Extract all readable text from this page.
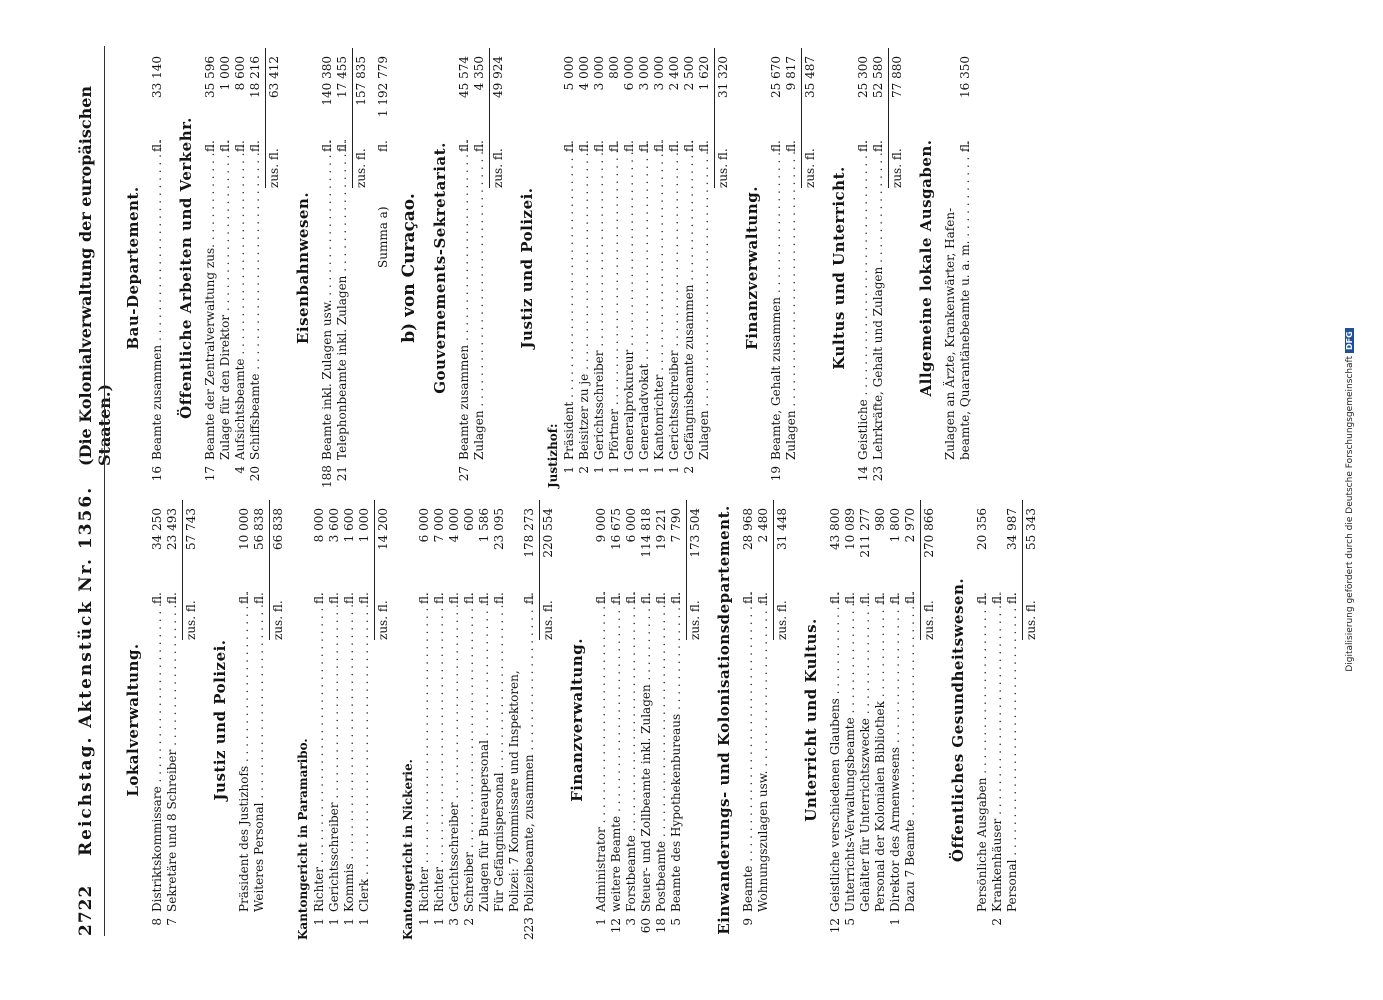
2722
Reichstag. Aktenstück Nr. 1356.
(Die Kolonialverwaltung der europäischen Staaten.)
Lokalverwaltung.
8
Distriktskommissare . . .
fl.
34 250
7
Sekretäre und 8 Schreiber . . .
fl.
23 493
zus. fl.
57 743
Justiz und Polizei.
Präsident des Justizhofs . . .
fl.
10 000
Weiteres Personal . . .
fl.
56 838
zus. fl.
66 838
Kantongericht in Paramaribo. 1
Richter . . .
fl.
8 000
1
Gerichtsschreiber . . .
fl.
3 600
1
Kommis . . .
fl.
1 600
1
Clerk . . .
fl.
1 000
zus. fl.
14 200
Kantongericht in Nickerie. 1
Richter . . .
fl.
6 000
1
Richter . . .
fl.
7 000
3
Gerichtsschreiber . . .
fl.
4 000
2
Schreiber . . .
fl.
600
Zulagen für Bureaupersonal . . .
fl.
1 586
Für Gefängnispersonal . . .
fl.
23 095
Polizei: 7 Kommissare und Inspektoren,
223
Polizeibeamte, zusammen . . .
fl.
178 273
zus. fl.
220 554
Finanzverwaltung.
1
Administrator . . .
fl.
9 000
12
weitere Beamte . . .
fl.
16 675
3
Forstbeamte . . .
fl.
6 000
60
Steuer- und Zollbeamte inkl. Zulagen . . .
fl.
114 818
18
Postbeamte . . .
fl.
19 221
5
Beamte des Hypothekenbureaus . . .
fl.
7 790
zus. fl.
173 504 Einwanderungs- und Kolonisationsdepartement. 9
Beamte . . .
fl.
28 968
Wohnungszulagen usw. . . .
fl.
2 480
zus. fl.
31 448
Unterricht und Kultus.
12
Geistliche verschiedenen Glaubens . . .
fl.
43 800
5
Unterrichts-Verwaltungsbeamte . . .
fl.
10 089
Gehälter für Unterrichtszwecke . . .
fl.
211 277
Personal der Kolonialen Bibliothek . . .
fl.
980
1
Direktor des Armenwesens . . .
fl.
1 800
Dazu 7 Beamte . . .
fl.
2 970
zus. fl.
270 866
Öffentliches Gesundheitswesen. Persönliche Ausgaben . . .
fl.
20 356
2
Krankenhäuser . . .
fl.
Personal . . .
fl.
34 987
zus. fl.
55 343
Bau-Departement.
16
Beamte zusammen . . .
fl.
33 140
Öffentliche Arbeiten und Verkehr.
17
Beamte der Zentralverwaltung zus. . . .
fl.
35 596
Zulage für den Direktor . . .
fl.
1 000
4
Aufsichtsbeamte . . .
fl.
8 600
20
Schiffsbeamte . . .
fl.
18 216
zus. fl.
63 412
Eisenbahnwesen.
188
Beamte inkl. Zulagen usw. . . .
fl.
140 380
21
Telephonbeamte inkl. Zulagen . . .
fl.
17 455
zus. fl.
157 835
Summa a)
fl.
1 192 779
b) von Curaçao. Gouvernements-Sekretariat.
27
Beamte zusammen . . .
fl.
45 574
Zulagen . . .
fl.
4 350
zus. fl.
49 924
Justiz und Polizei.
Justizhof: 1
Präsident . . .
fl.
5 000
2
Beisitzer zu je . . .
fl.
4 000
1
Gerichtsschreiber . . .
fl.
3 000
1
Pförtner . . .
fl.
800
1
Generalprokureur . . .
fl.
6 000
1
Generaladvokat . . .
fl.
3 000
1
Kantonrichter . . .
fl.
3 000
1
Gerichtsschreiber . . .
fl.
2 400
2
Gefängnisbeamte zusammen . . .
fl.
2 500
Zulagen . . .
fl.
1 620
zus. fl.
31 320
Finanzverwaltung.
19
Beamte, Gehalt zusammen . . .
fl.
25 670
Zulagen . . .
fl.
9 817
zus. fl.
35 487
Kultus und Unterricht.
14
Geistliche . . .
fl.
25 300
23
Lehrkräfte, Gehalt und Zulagen . . .
fl.
52 580
zus. fl.
77 880
Allgemeine lokale Ausgaben. Zulagen an Ärzte, Krankenwärter, Hafen- beamte, Quarantänebeamte u. a. m. . . .
fl.
16 350
Digitalisierung gefördert durch die Deutsche Forschungsgemeinschaft DFG
